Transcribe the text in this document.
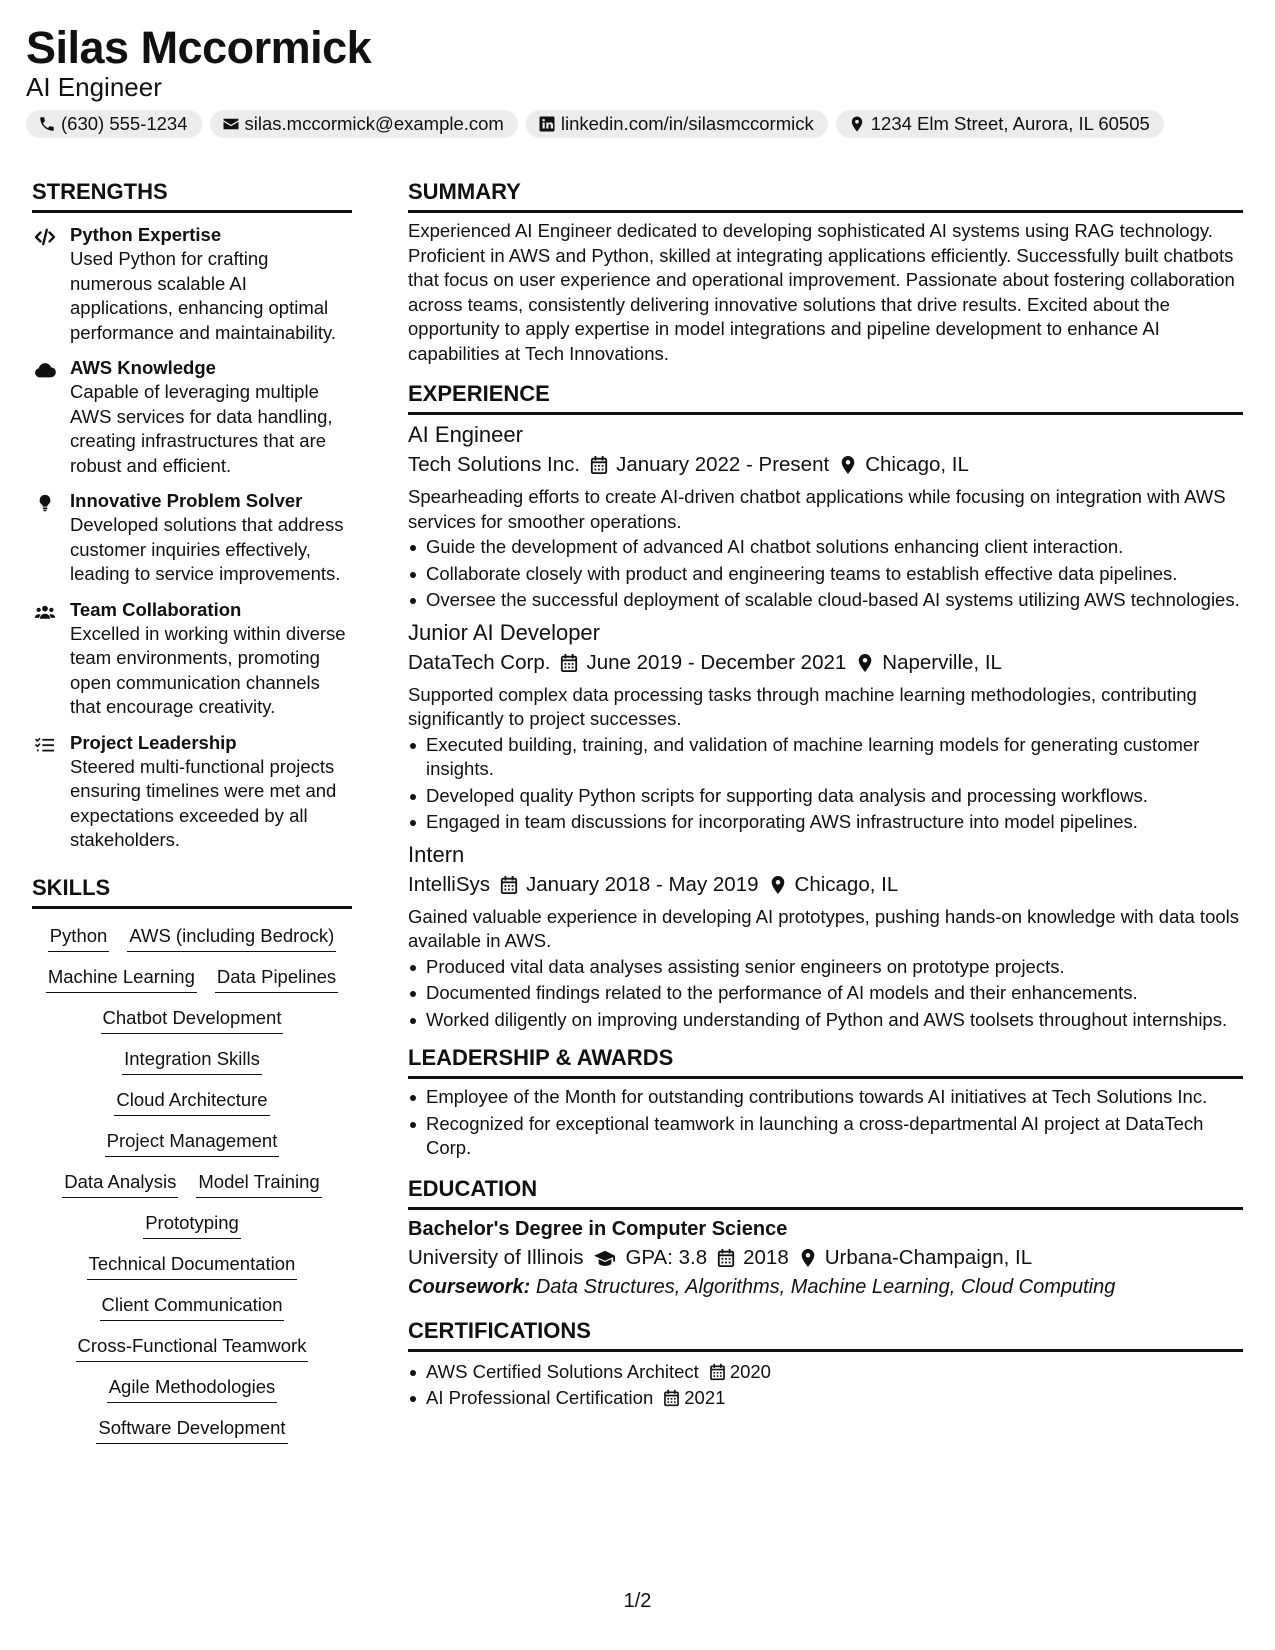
Silas Mccormick
AI Engineer
(630) 555-1234	silas.mccormick@example.com	linkedin.com/in/silasmccormick	1234 Elm Street, Aurora, IL 60505
STRENGTHS
Python Expertise
Used Python for crafting numerous scalable AI applications, enhancing optimal performance and maintainability.
AWS Knowledge
Capable of leveraging multiple AWS services for data handling, creating infrastructures that are robust and efficient.
Innovative Problem Solver
Developed solutions that address customer inquiries effectively, leading to service improvements.
Team Collaboration
Excelled in working within diverse team environments, promoting open communication channels that encourage creativity.
Project Leadership
Steered multi-functional projects ensuring timelines were met and expectations exceeded by all stakeholders.
SKILLS
Python AWS (including Bedrock)
Machine Learning Data Pipelines
Chatbot Development
Integration Skills
Cloud Architecture
Project Management
Data Analysis Model Training
Prototyping
Technical Documentation
Client Communication
Cross-Functional Teamwork
Agile Methodologies
Software Development
SUMMARY

Experienced AI Engineer dedicated to developing sophisticated AI systems using RAG technology. Proficient in AWS and Python, skilled at integrating applications efficiently. Successfully built chatbots that focus on user experience and operational improvement. Passionate about fostering collaboration across teams, consistently delivering innovative solutions that drive results. Excited about the opportunity to apply expertise in model integrations and pipeline development to enhance AI capabilities at Tech Innovations.

EXPERIENCE
AI Engineer
Tech Solutions Inc. January 2022 - Present Chicago, IL

Spearheading efforts to create AI-driven chatbot applications while focusing on integration with AWS services for smoother operations.

Guide the development of advanced AI chatbot solutions enhancing client interaction.
Collaborate closely with product and engineering teams to establish effective data pipelines.
Oversee the successful deployment of scalable cloud-based AI systems utilizing AWS technologies.
Junior AI Developer
DataTech Corp. June 2019 - December 2021 Naperville, IL

Supported complex data processing tasks through machine learning methodologies, contributing significantly to project successes.

Executed building, training, and validation of machine learning models for generating customer insights.
Developed quality Python scripts for supporting data analysis and processing workflows.
Engaged in team discussions for incorporating AWS infrastructure into model pipelines.
Intern
IntelliSys January 2018 - May 2019 Chicago, IL

Gained valuable experience in developing AI prototypes, pushing hands-on knowledge with data tools available in AWS.

Produced vital data analyses assisting senior engineers on prototype projects.
Documented findings related to the performance of AI models and their enhancements.
Worked diligently on improving understanding of Python and AWS toolsets throughout internships.
LEADERSHIP & AWARDS
Employee of the Month for outstanding contributions towards AI initiatives at Tech Solutions Inc.
Recognized for exceptional teamwork in launching a cross-departmental AI project at DataTech Corp.
EDUCATION
Bachelor's Degree in Computer Science
University of Illinois GPA: 3.8 2018 Urbana-Champaign, IL
Coursework: Data Structures, Algorithms, Machine Learning, Cloud Computing
CERTIFICATIONS
AWS Certified Solutions Architect 2020
AI Professional Certification 2021
1/2
